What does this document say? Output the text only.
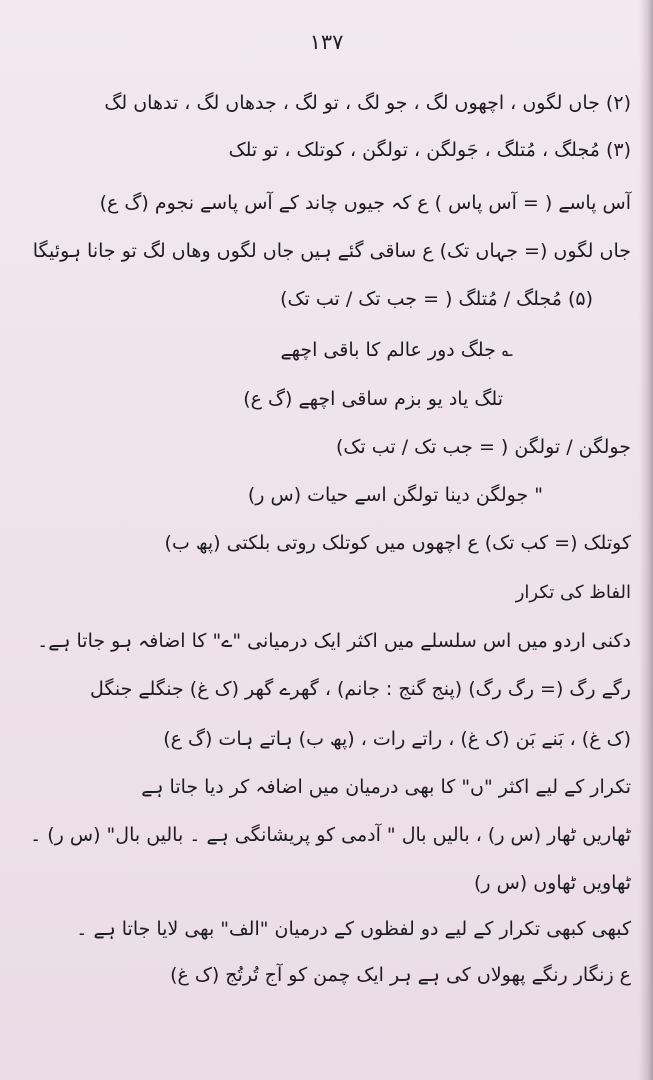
۱۳۷
(۲) جاں لگوں ، اچھوں لگ ، جو لگ ، تو لگ ، جدھاں لگ ، تدھاں لگ
(۳) مُجلگ ، مُتلگ ، جَولگن ، تولگن ، کوتلک ، تو تلک
آس پاسے ( = آس پاس ) ع کہ جیوں چاند کے آس پاسے نجوم (گ ع)
جاں لگوں (= جہاں تک) ع ساقی گئے ہیں جاں لگوں وھاں لگ تو جانا ہوئیگا
(۵) مُجلگ / مُتلگ ( = جب تک / تب تک)
؎ جلگ دور عالم کا باقی اچھے
تلگ یاد یو بزم ساقی اچھے (گ ع)
جولگن / تولگن ( = جب تک / تب تک)
" جولگن دینا تولگن اسے حیات (س ر)
کوتلک (= کب تک) ع اچھوں میں کوتلک روتی بلکتی (پھ ب)
الفاظ کی تکرار
دکنی اردو میں اس سلسلے میں اکثر ایک درمیانی "ے" کا اضافہ ہو جاتا ہے۔
رگے رگ (= رگ رگ) (پنج گنج : جانم) ، گھرے گھر (ک غ) جنگلے جنگل
(ک غ) ، بَنے بَن (ک غ) ، راتے رات ، (پھ ب) ہاتے ہات (گ ع)
تکرار کے لیے اکثر "ں" کا بھی درمیان میں اضافہ کر دیا جاتا ہے
ٹھاریں ٹھار (س ر) ، بالیں بال " آدمی کو پریشانگی ہے ۔ بالیں بال" (س ر) ۔
ٹھاویں ٹھاوں (س ر)
کبھی کبھی تکرار کے لیے دو لفظوں کے درمیان "الف" بھی لایا جاتا ہے ۔
ع زنگار رنگے پھولاں کی ہے ہر ایک چمن کو آج تُرتُج (ک غ)
